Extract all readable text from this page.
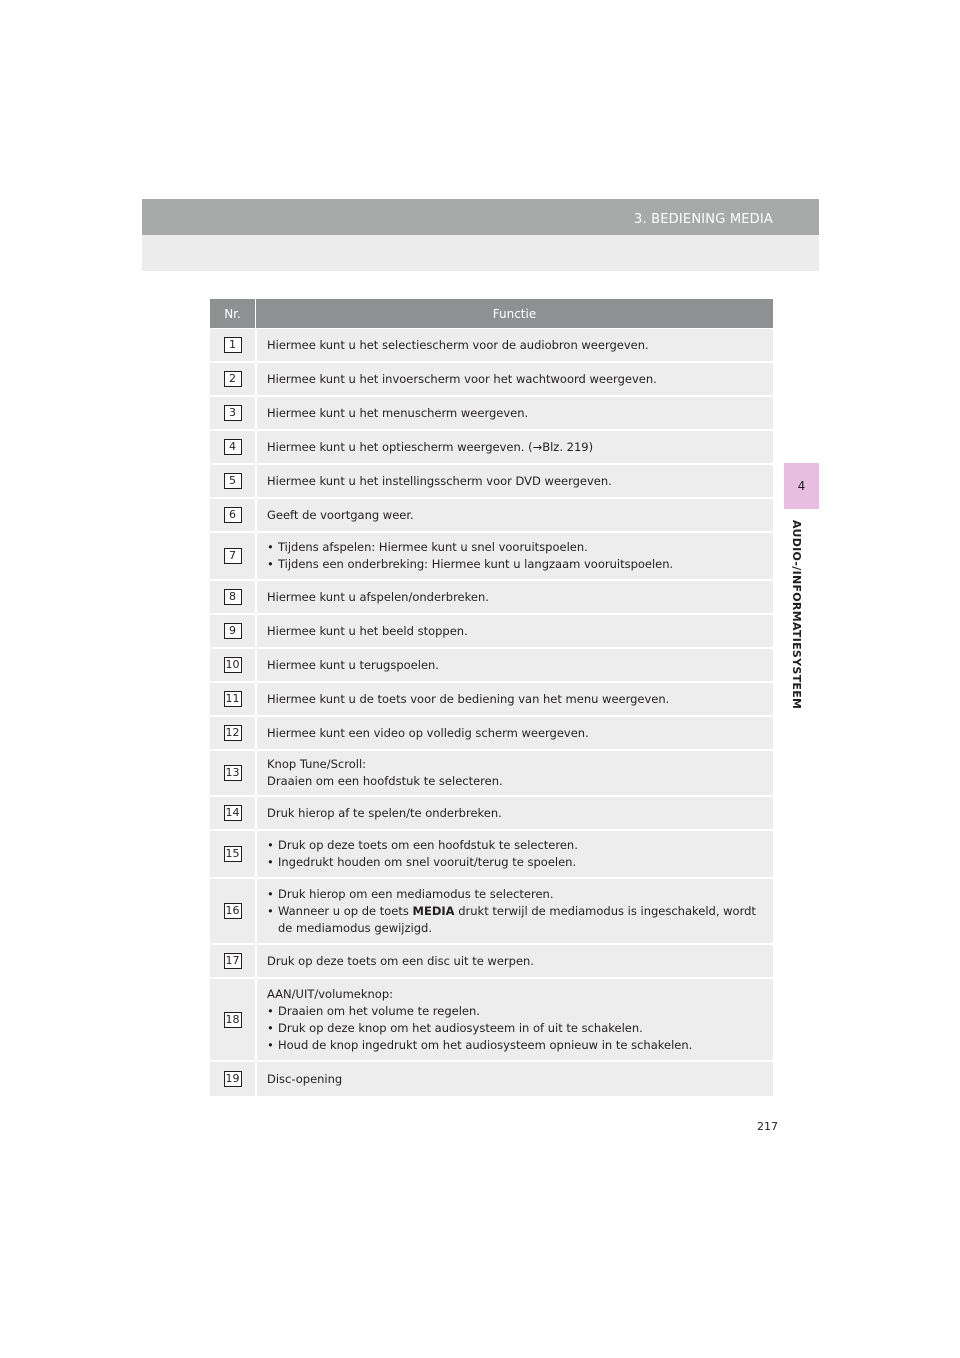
3. BEDIENING MEDIA
4
AUDIO-/INFORMATIESYSTEEM
Nr.	Functie
1	Hiermee kunt u het selectiescherm voor de audiobron weergeven.
2	Hiermee kunt u het invoerscherm voor het wachtwoord weergeven.
3	Hiermee kunt u het menuscherm weergeven.
4	Hiermee kunt u het optiescherm weergeven. (→Blz. 219)
5	Hiermee kunt u het instellingsscherm voor DVD weergeven.
6	Geeft de voortgang weer.
7
• Tijdens afspelen: Hiermee kunt u snel vooruitspoelen.
• Tijdens een onderbreking: Hiermee kunt u langzaam vooruitspoelen.
8	Hiermee kunt u afspelen/onderbreken.
9	Hiermee kunt u het beeld stoppen.
10 Hiermee kunt u terugspoelen.
11 Hiermee kunt u de toets voor de bediening van het menu weergeven.
12 Hiermee kunt een video op volledig scherm weergeven.
13
Knop Tune/Scroll:
Draaien om een hoofdstuk te selecteren.
14 Druk hierop af te spelen/te onderbreken.
15
• Druk op deze toets om een hoofdstuk te selecteren.
• Ingedrukt houden om snel vooruit/terug te spoelen.
16
• Druk hierop om een mediamodus te selecteren.
• Wanneer u op de toets MEDIA drukt terwijl de mediamodus is ingeschakeld, wordt de mediamodus gewijzigd.
17 Druk op deze toets om een disc uit te werpen.
18
AAN/UIT/volumeknop:
• Draaien om het volume te regelen.
• Druk op deze knop om het audiosysteem in of uit te schakelen.
• Houd de knop ingedrukt om het audiosysteem opnieuw in te schakelen.
19 Disc-opening
217
